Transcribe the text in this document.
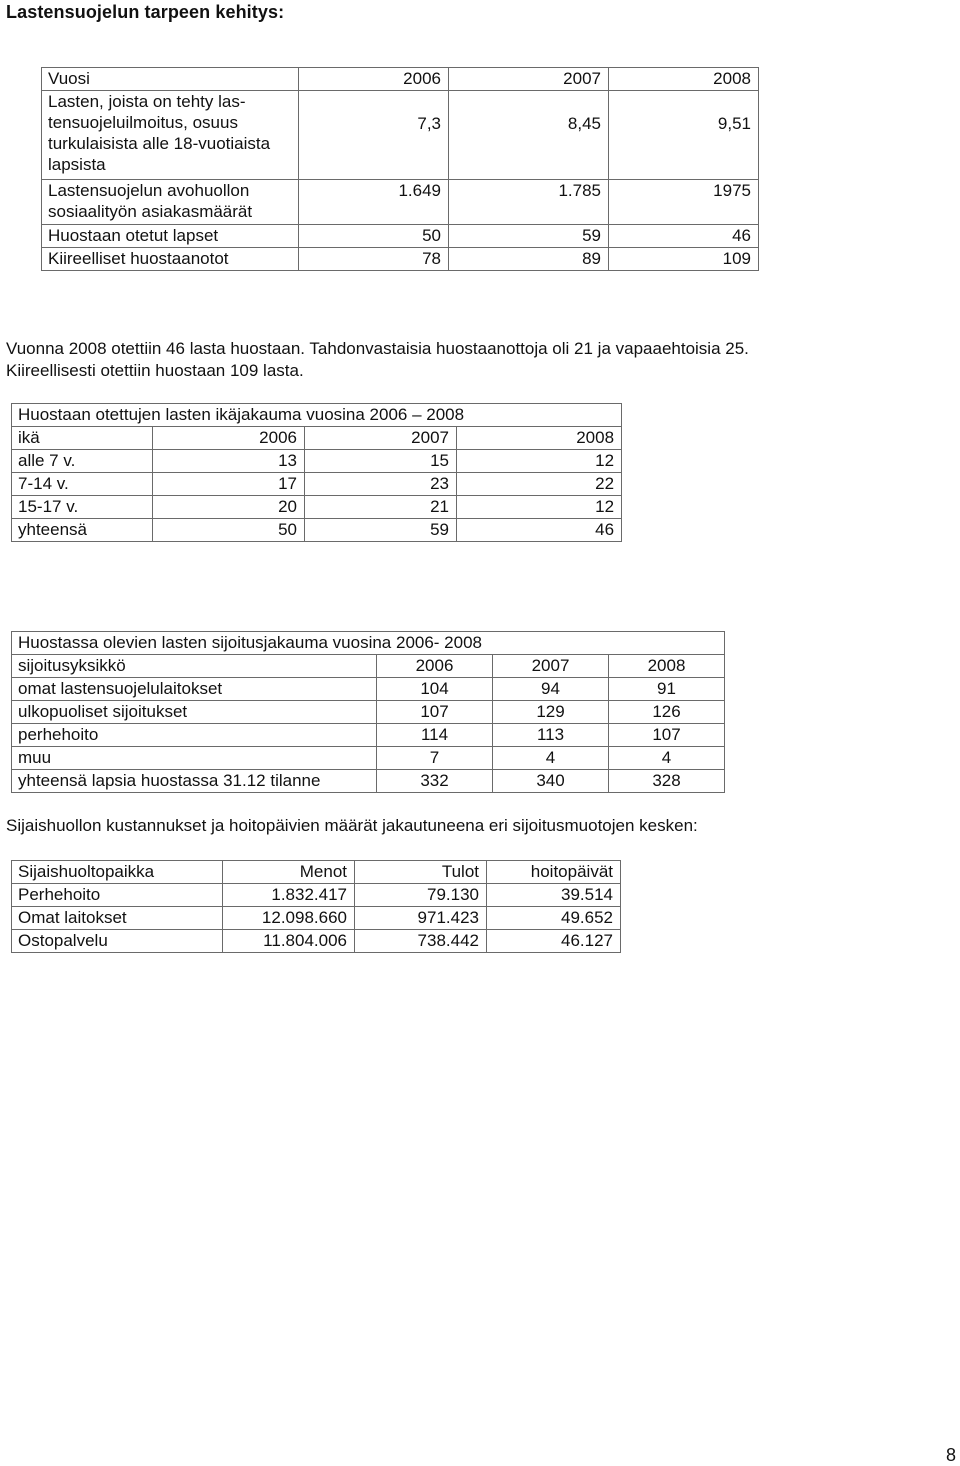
Lastensuojelun tarpeen kehitys:
Vuosi	2006	2007	2008
Lasten, joista on tehty las-tensuojeluilmoitus, osuus turkulaisista alle 18-vuotiaista lapsista	7,3	8,45	9,51
Lastensuojelun avohuollon sosiaalityön asiakasmäärät	1.649	1.785	1975
Huostaan otetut lapset	50	59	46
Kiireelliset huostaanotot	78	89	109
Vuonna 2008 otettiin 46 lasta huostaan. Tahdonvastaisia huostaanottoja oli 21 ja vapaaehtoisia 25.
Kiireellisesti otettiin huostaan 109 lasta.
Huostaan otettujen lasten ikäjakauma vuosina 2006 – 2008			
ikä	2006	2007	2008
alle 7 v.	13	15	12
7-14 v.	17	23	22
15-17 v.	20	21	12
yhteensä	50	59	46
Huostassa olevien lasten sijoitusjakauma vuosina 2006- 2008			
sijoitusyksikkö	2006	2007	2008
omat lastensuojelulaitokset	104	94	91
ulkopuoliset sijoitukset	107	129	126
perhehoito	114	113	107
muu	7	4	4
yhteensä lapsia huostassa 31.12 tilanne	332	340	328
Sijaishuollon kustannukset ja hoitopäivien määrät jakautuneena eri sijoitusmuotojen kesken:
Sijaishuoltopaikka	Menot	Tulot	hoitopäivät
Perhehoito	1.832.417	79.130	39.514
Omat laitokset	12.098.660	971.423	49.652
Ostopalvelu	11.804.006	738.442	46.127
8
